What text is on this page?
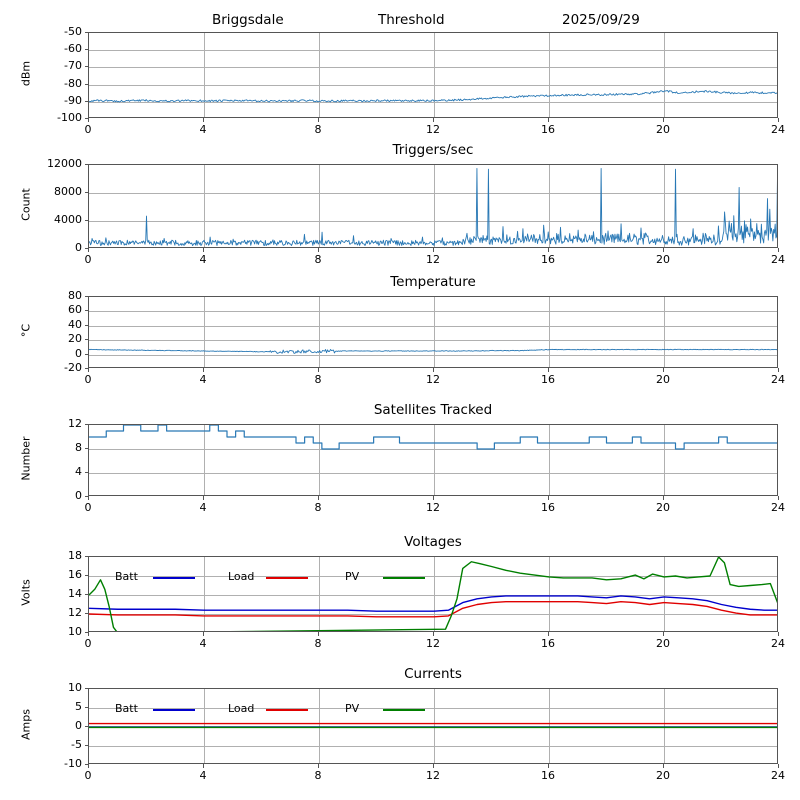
Briggsdale	Threshold	2025/09/29
0	4	8	12	16	20	24
-100
-90
-80
-70
-60
-50
dBm
Triggers/sec
0	4	8	12	16	20	24
0
4000
8000
12000
Count
Temperature
0	4	8	12	16	20	24
-20
0
20
40
60
80
°C
Satellites Tracked
0	4	8	12	16	20	24
0
4
8
12
Number
Voltages
0	4	8	12	16	20	24
10
12
14
16
18
Volts
Batt	Load	PV
Currents
0	4	8	12	16	20	24
-10
-5
0
5
10
Amps
Batt	Load	PV
